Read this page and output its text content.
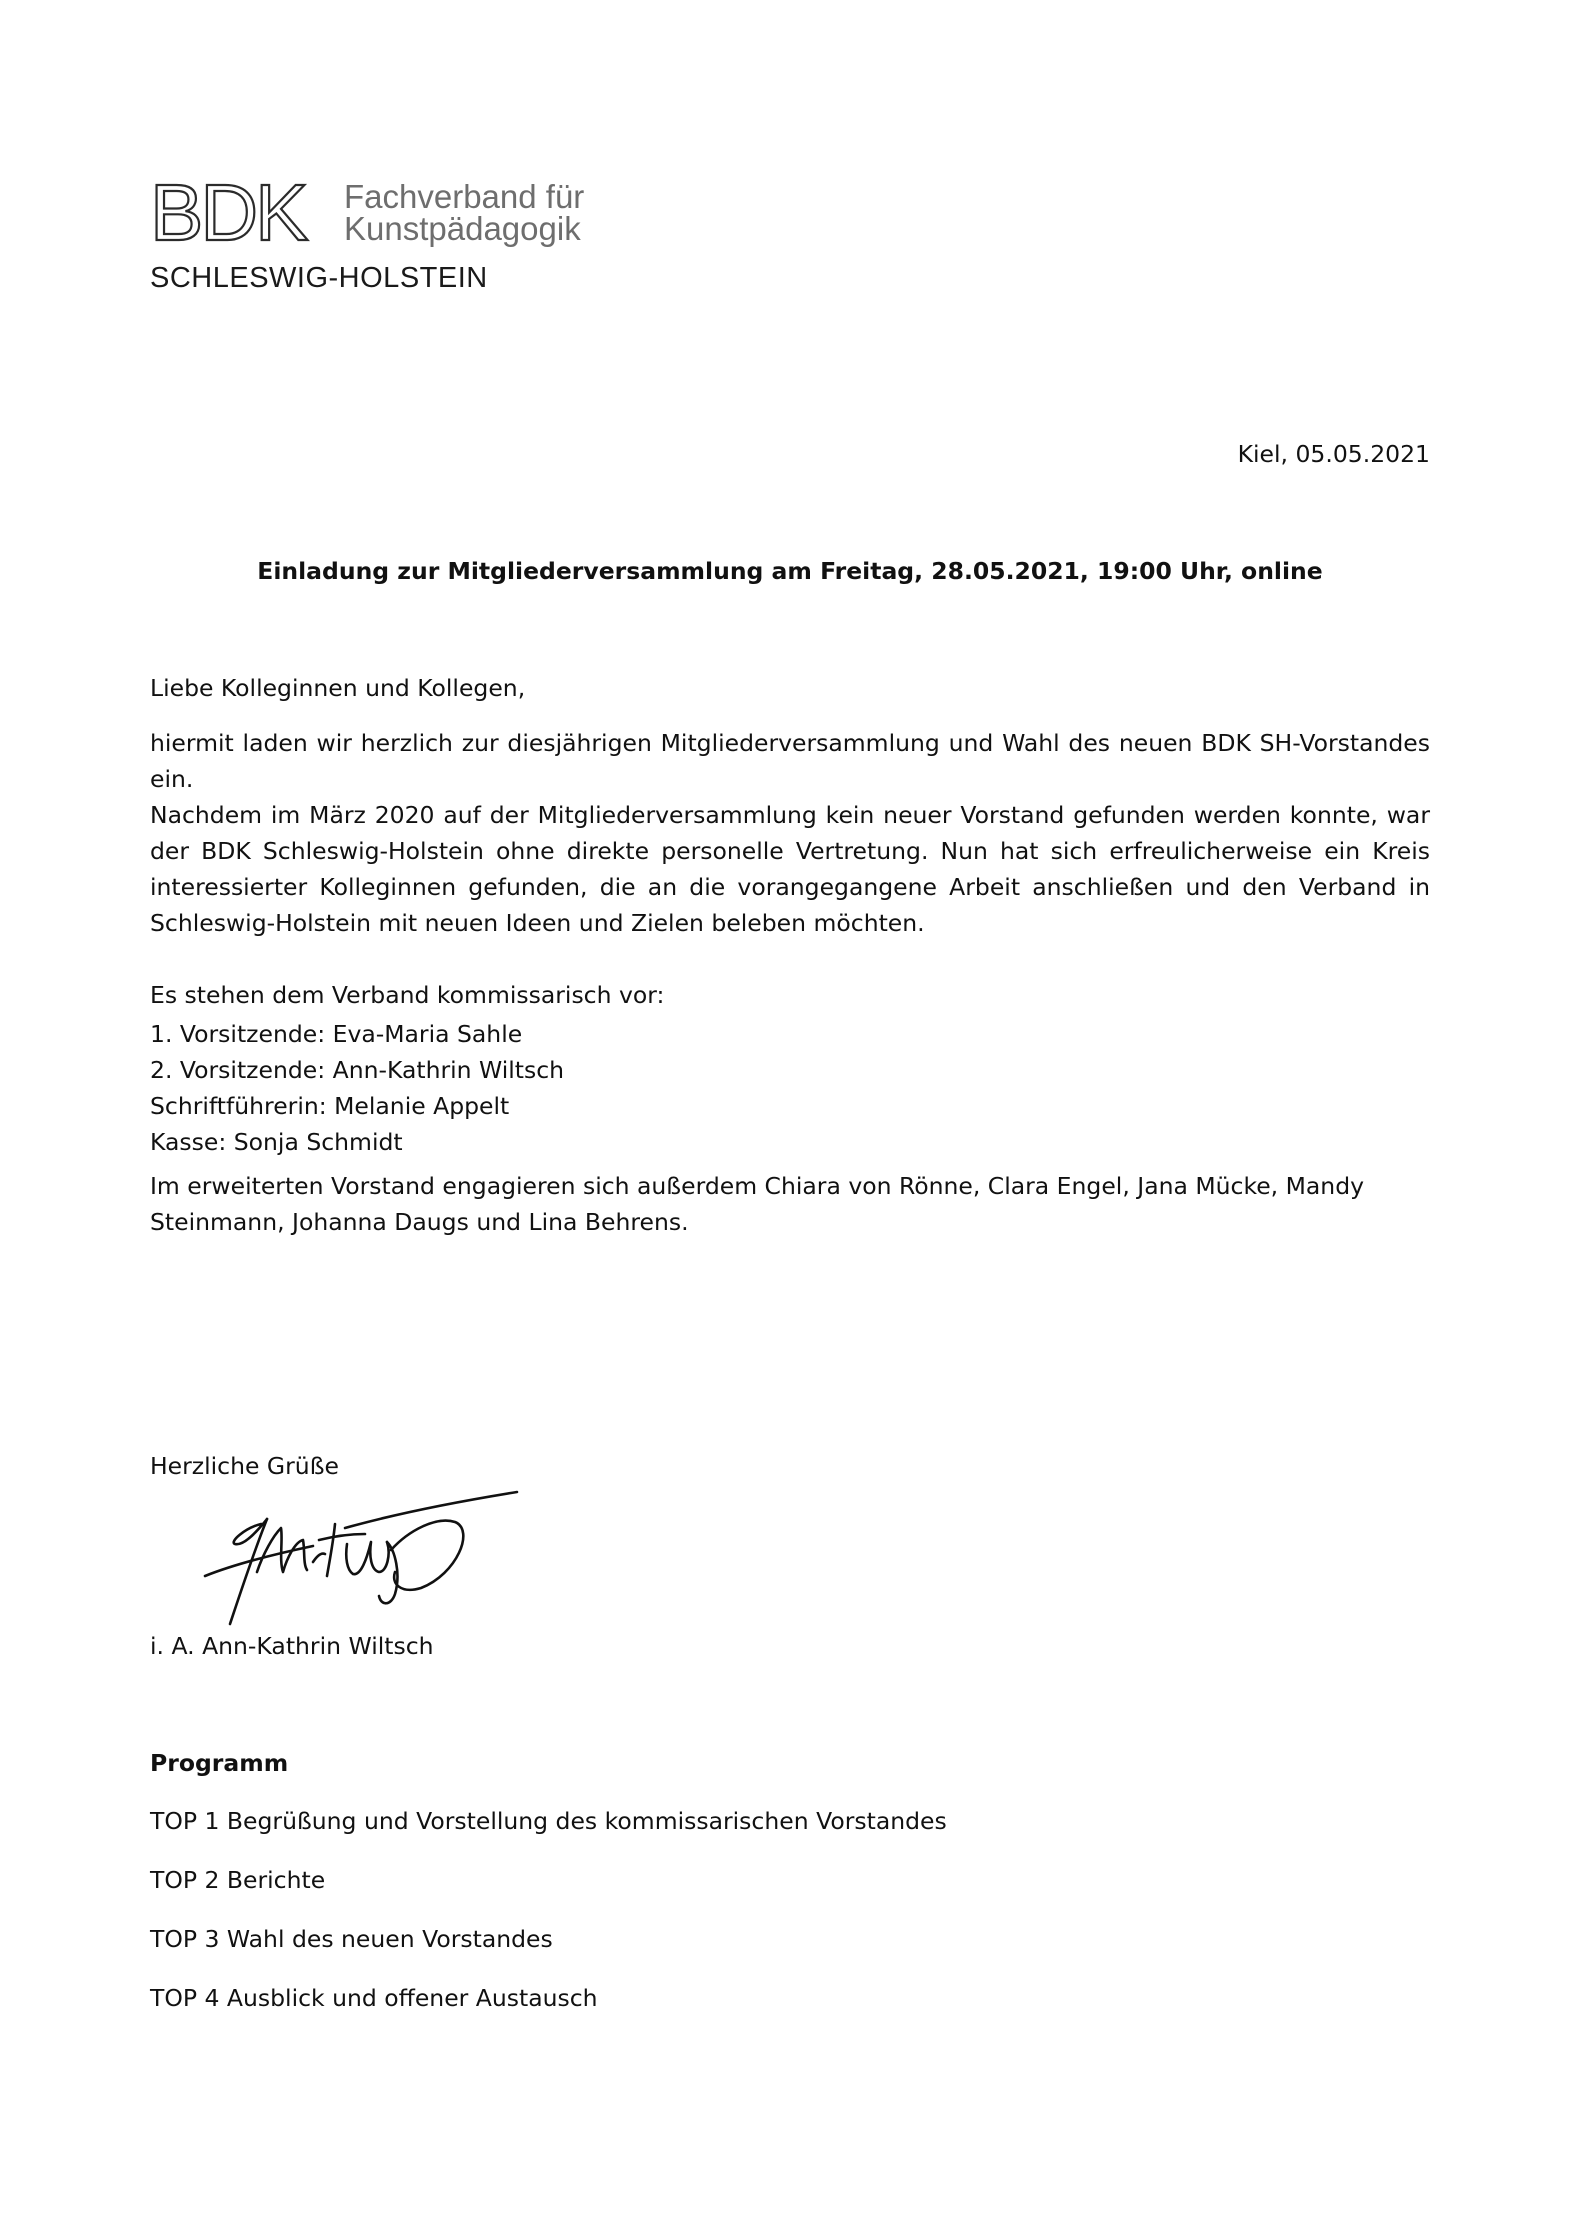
BDK Fachverband für
Kunstpädagogik
SCHLESWIG-HOLSTEIN
Kiel, 05.05.2021
Einladung zur Mitgliederversammlung am Freitag, 28.05.2021, 19:00 Uhr, online
Liebe Kolleginnen und Kollegen,
hiermit laden wir herzlich zur diesjährigen Mitgliederversammlung und Wahl des neuen BDK SH-Vorstandes ein.
Nachdem im März 2020 auf der Mitgliederversammlung kein neuer Vorstand gefunden werden konnte, war der BDK Schleswig-Holstein ohne direkte personelle Vertretung. Nun hat sich erfreulicherweise ein Kreis interessierter Kolleginnen gefunden, die an die vorangegangene Arbeit anschließen und den Verband in Schleswig-Holstein mit neuen Ideen und Zielen beleben möchten.
Es stehen dem Verband kommissarisch vor:
1. Vorsitzende: Eva-Maria Sahle
2. Vorsitzende: Ann-Kathrin Wiltsch
Schriftführerin: Melanie Appelt
Kasse: Sonja Schmidt
Im erweiterten Vorstand engagieren sich außerdem Chiara von Rönne, Clara Engel, Jana Mücke, Mandy Steinmann, Johanna Daugs und Lina Behrens.
Herzliche Grüße
i. A. Ann-Kathrin Wiltsch
Programm
TOP 1 Begrüßung und Vorstellung des kommissarischen Vorstandes
TOP 2 Berichte
TOP 3 Wahl des neuen Vorstandes
TOP 4 Ausblick und offener Austausch
